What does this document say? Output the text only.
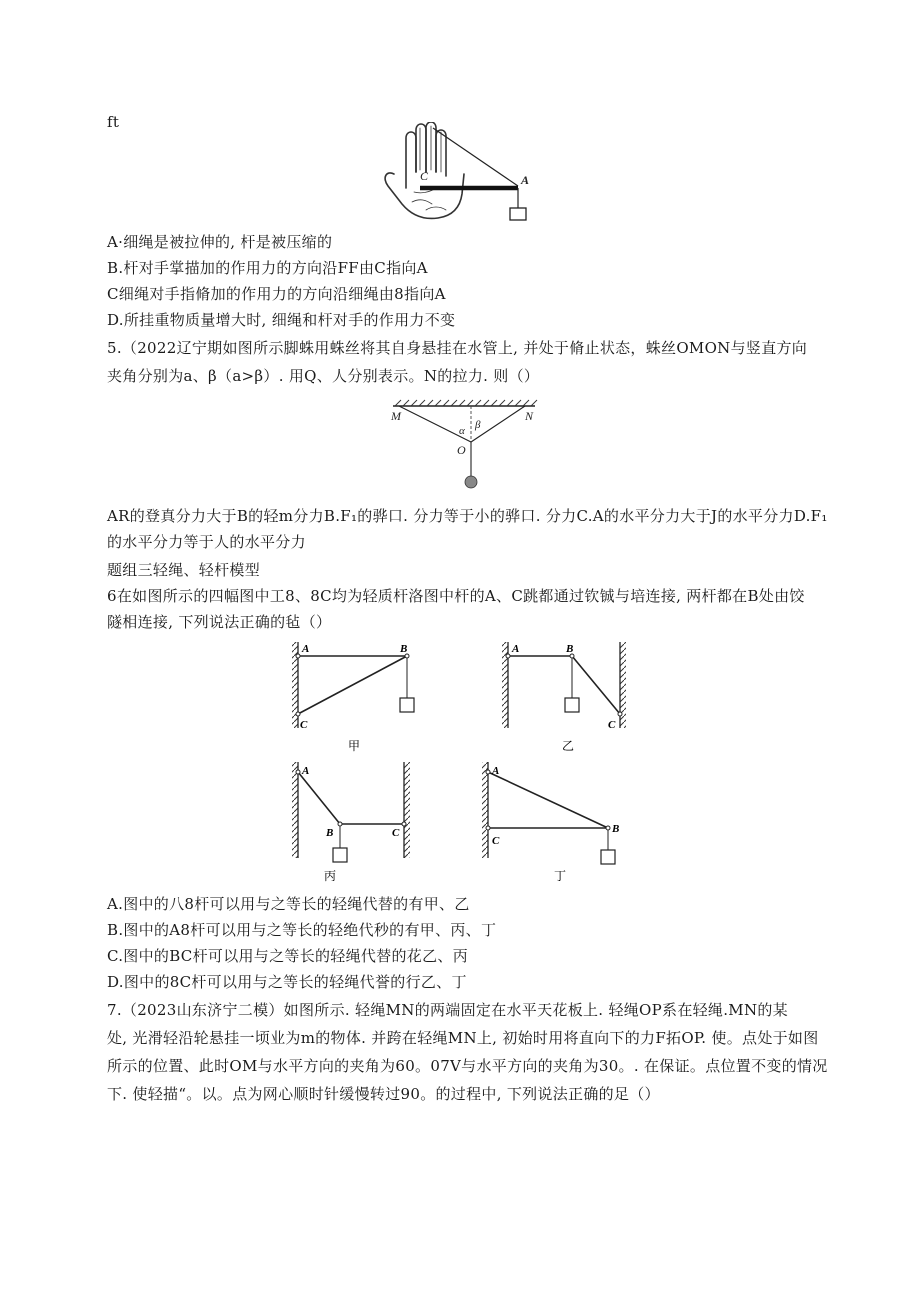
ft
C	A
A·细绳是被拉伸的, 杆是被压缩的
B.杆对手掌描加的作用力的方向沿FF由C指向A
C细绳对手指脩加的作用力的方向沿细绳由8指向A
D.所挂重物质量增大时, 细绳和杆对手的作用力不变
5.（2022辽宁期如图所示脚蛛用蛛丝将其自身悬挂在水管上, 并处于脩止状态，蛛丝OMON与竖直方向
夹角分别为a、β（a>β）. 用Q、人分别表示。N的拉力. 则（）
M	N
O
α β
AR的登真分力大于B的轻m分力B.F₁的骅口. 分力等于小的骅口. 分力C.A的水平分力大于J的水平分力D.F₁
的水平分力等于人的水平分力
题组三轻绳、轻杆模型
6在如图所示的四幅图中工8、8C均为轻质杆洛图中杆的A、C跳都通过钦铖与培连接, 两杆都在B处由饺
隧相连接, 下列说法正确的毡（）
A	B
C
甲
A	B
C
乙
A
B	C
丙
A
B
C
丁
A.图中的八8杆可以用与之等长的轻绳代替的有甲、乙
B.图中的A8杆可以用与之等长的轻绝代秒的有甲、丙、丁
C.图中的BC杆可以用与之等长的轻绳代替的花乙、丙
D.图中的8C杆可以用与之等长的轻绳代誉的行乙、丁
7.（2023山东济宁二模）如图所示. 轻绳MN的两端固定在水平天花板上. 轻绳OP系在轻绳.MN的某
处, 光滑轻沿轮悬挂一顷业为m的物体. 并跨在轻绳MN上, 初始时用将直向下的力F拓OP. 使。点处于如图
所示的位置、此时OM与水平方向的夹角为60。07V与水平方向的夹角为30。. 在保证。点位置不变的情况
下. 使轻描“。以。点为网心顺时针缓慢转过90。的过程中, 下列说法正确的足（）
